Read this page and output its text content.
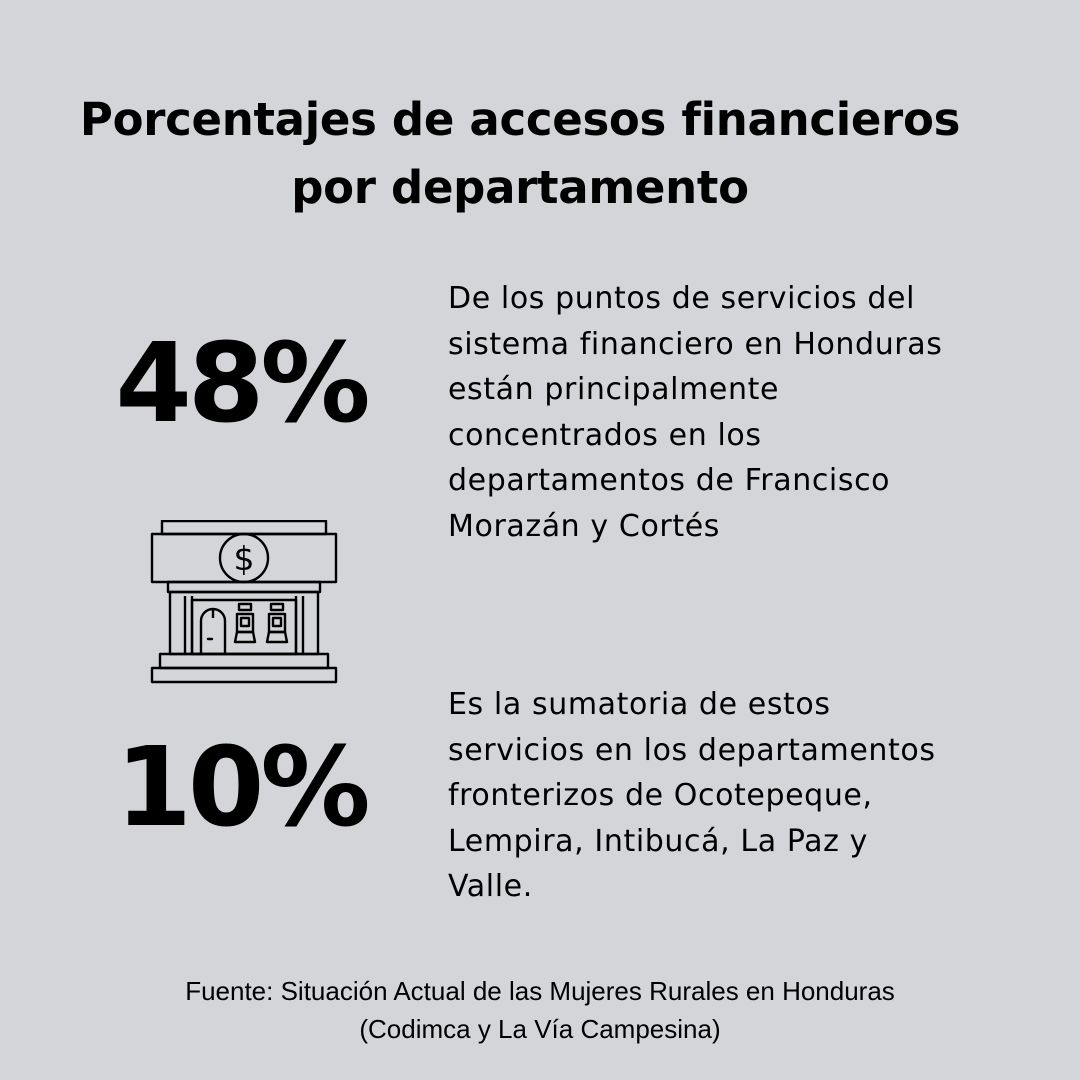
Porcentajes de accesos financieros
por departamento
48%

De los puntos de servicios del
sistema financiero en Honduras
están principalmente
concentrados en los
departamentos de Francisco
Morazán y Cortés

$
10%

Es la sumatoria de estos
servicios en los departamentos
fronterizos de Ocotepeque,
Lempira, Intibucá, La Paz y
Valle.

Fuente: Situación Actual de las Mujeres Rurales en Honduras
(Codimca y La Vía Campesina)
